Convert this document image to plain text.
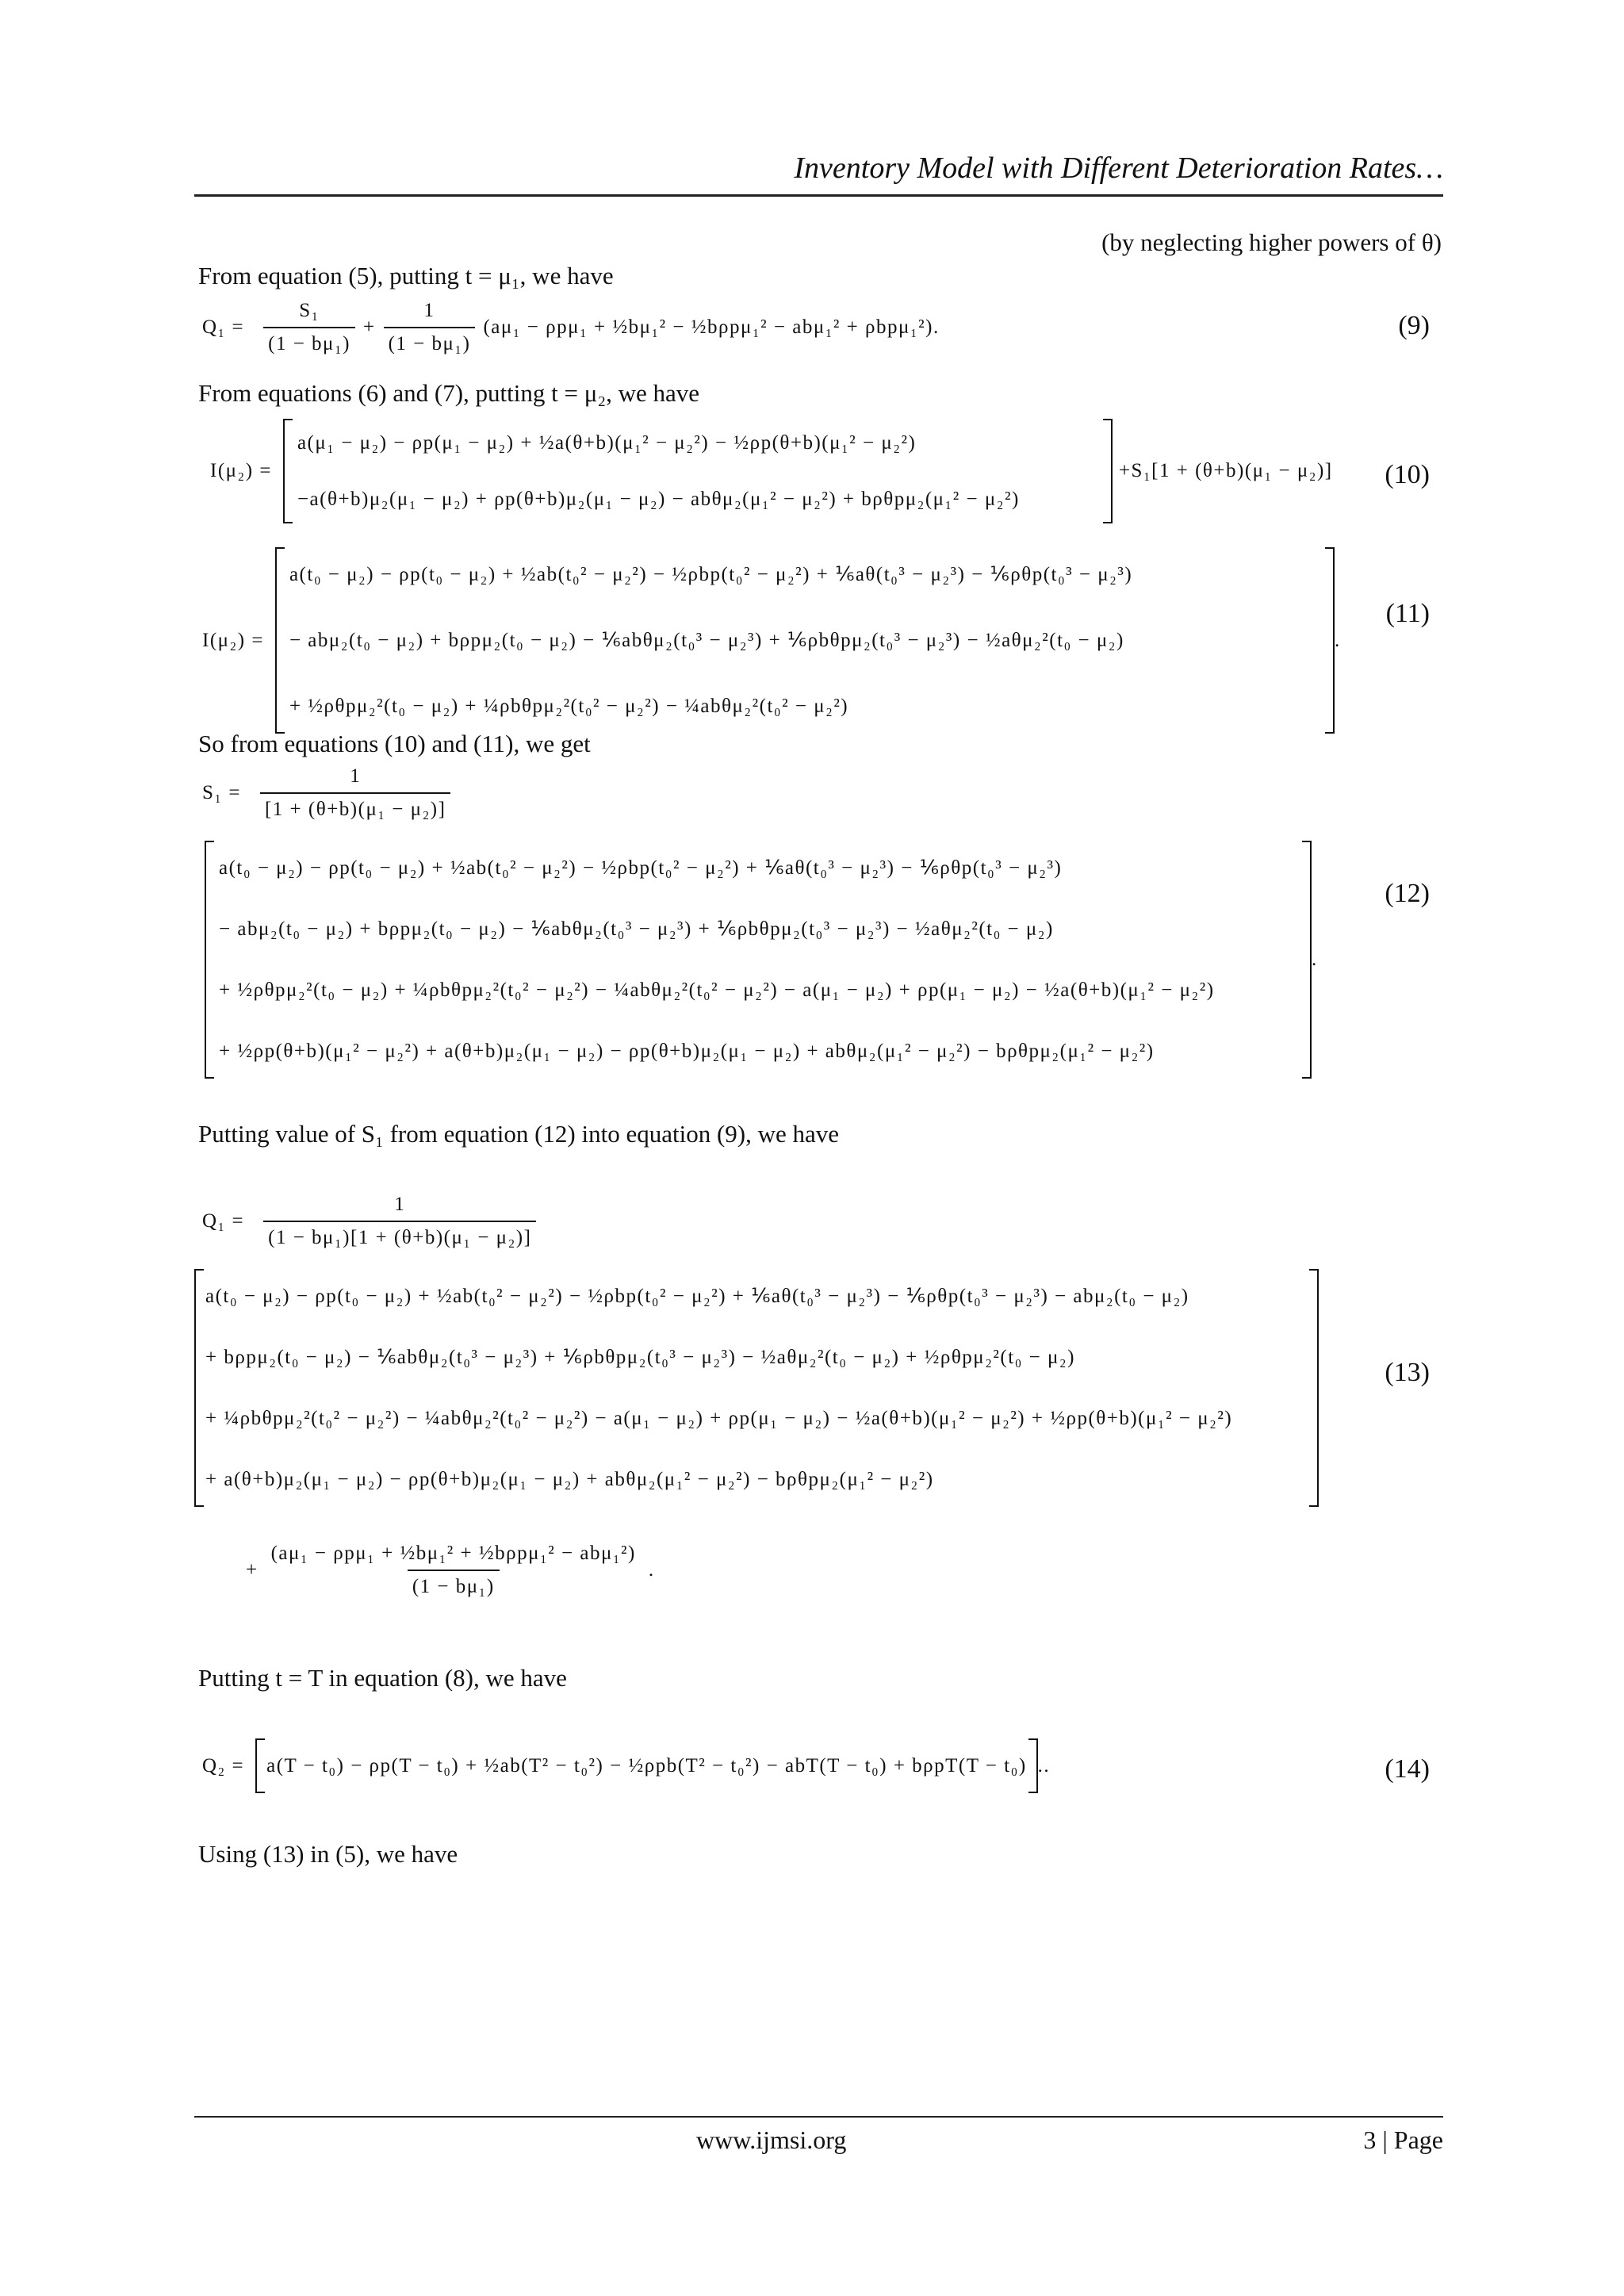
Inventory Model with Different Deterioration Rates…
(by neglecting higher powers of θ)
From equation (5), putting t = μ₁, we have
$Q_1 = \frac{\text{S₁}}{\text{(1 − bμ₁)}} + \frac{1}{\text{(1 − bμ₁)}} (a\mu_1 - \rho p\mu_1$ + ½bμ₁² − ½bρpμ₁² − abμ₁² + ρbpμ₁²).	(9)
From equations (6) and (7), putting t = μ₂, we have
I(μ₂) =

a(μ₁ − μ₂) − ρp(μ₁ − μ₂) + ½a(θ+b)(μ₁² − μ₂²) − ½ρp(θ+b)(μ₁² − μ₂²)

−a(θ+b)μ₂(μ₁ − μ₂) + ρp(θ+b)μ₂(μ₁ − μ₂) − abθμ₂(μ₁² − μ₂²) + bρθpμ₂(μ₁² − μ₂²)

+S₁[1 + (θ+b)(μ₁ − μ₂)] (10)
I(μ₂) =

a(t₀ − μ₂) − ρp(t₀ − μ₂) + ½ab(t₀² − μ₂²) − ½ρbp(t₀² − μ₂²) + ⅙aθ(t₀³ − μ₂³) − ⅙ρθp(t₀³ − μ₂³)

− abμ₂(t₀ − μ₂) + bρpμ₂(t₀ − μ₂) − ⅙abθμ₂(t₀³ − μ₂³) + ⅙ρbθpμ₂(t₀³ − μ₂³) − ½aθμ₂²(t₀ − μ₂)

+ ½ρθpμ₂²(t₀ − μ₂) + ¼ρbθpμ₂²(t₀² − μ₂²) − ¼abθμ₂²(t₀² − μ₂²)

.
(11)
So from equations (10) and (11), we get
$S_1 = \frac{1}{\text{[1 + (θ+b)(μ₁ − μ₂)]}}$

a(t₀ − μ₂) − ρp(t₀ − μ₂) + ½ab(t₀² − μ₂²) − ½ρbp(t₀² − μ₂²) + ⅙aθ(t₀³ − μ₂³) − ⅙ρθp(t₀³ − μ₂³)

− abμ₂(t₀ − μ₂) + bρpμ₂(t₀ − μ₂) − ⅙abθμ₂(t₀³ − μ₂³) + ⅙ρbθpμ₂(t₀³ − μ₂³) − ½aθμ₂²(t₀ − μ₂)

+ ½ρθpμ₂²(t₀ − μ₂) + ¼ρbθpμ₂²(t₀² − μ₂²) − ¼abθμ₂²(t₀² − μ₂²) − a(μ₁ − μ₂) + ρp(μ₁ − μ₂) − ½a(θ+b)(μ₁² − μ₂²)

+ ½ρp(θ+b)(μ₁² − μ₂²) + a(θ+b)μ₂(μ₁ − μ₂) − ρp(θ+b)μ₂(μ₁ − μ₂) + abθμ₂(μ₁² − μ₂²) − bρθpμ₂(μ₁² − μ₂²)

.
(12)
Putting value of S₁ from equation (12) into equation (9), we have
$Q_1 = \frac{1}{\text{(1 − bμ₁)[1 + (θ+b)(μ₁ − μ₂)]}}$

a(t₀ − μ₂) − ρp(t₀ − μ₂) + ½ab(t₀² − μ₂²) − ½ρbp(t₀² − μ₂²) + ⅙aθ(t₀³ − μ₂³) − ⅙ρθp(t₀³ − μ₂³) − abμ₂(t₀ − μ₂)

+ bρpμ₂(t₀ − μ₂) − ⅙abθμ₂(t₀³ − μ₂³) + ⅙ρbθpμ₂(t₀³ − μ₂³) − ½aθμ₂²(t₀ − μ₂) + ½ρθpμ₂²(t₀ − μ₂)

+ ¼ρbθpμ₂²(t₀² − μ₂²) − ¼abθμ₂²(t₀² − μ₂²) − a(μ₁ − μ₂) + ρp(μ₁ − μ₂) − ½a(θ+b)(μ₁² − μ₂²) + ½ρp(θ+b)(μ₁² − μ₂²)

+ a(θ+b)μ₂(μ₁ − μ₂) − ρp(θ+b)μ₂(μ₁ − μ₂) + abθμ₂(μ₁² − μ₂²) − bρθpμ₂(μ₁² − μ₂²)

(13)
+ $\frac{\text{(aμ₁ − ρpμ₁ + ½bμ₁² + ½bρpμ₁² − abμ₁²)}}{\text{(1 − bμ₁)}}$ .
Putting t = T in equation (8), we have
Q₂ = a(T − t₀) − ρp(T − t₀) + ½ab(T² − t₀²) − ½ρpb(T² − t₀²) − abT(T − t₀) + bρpT(T − t₀) ..	(14)
Using (13) in (5), we have
www.ijmsi.org	3 | Page
